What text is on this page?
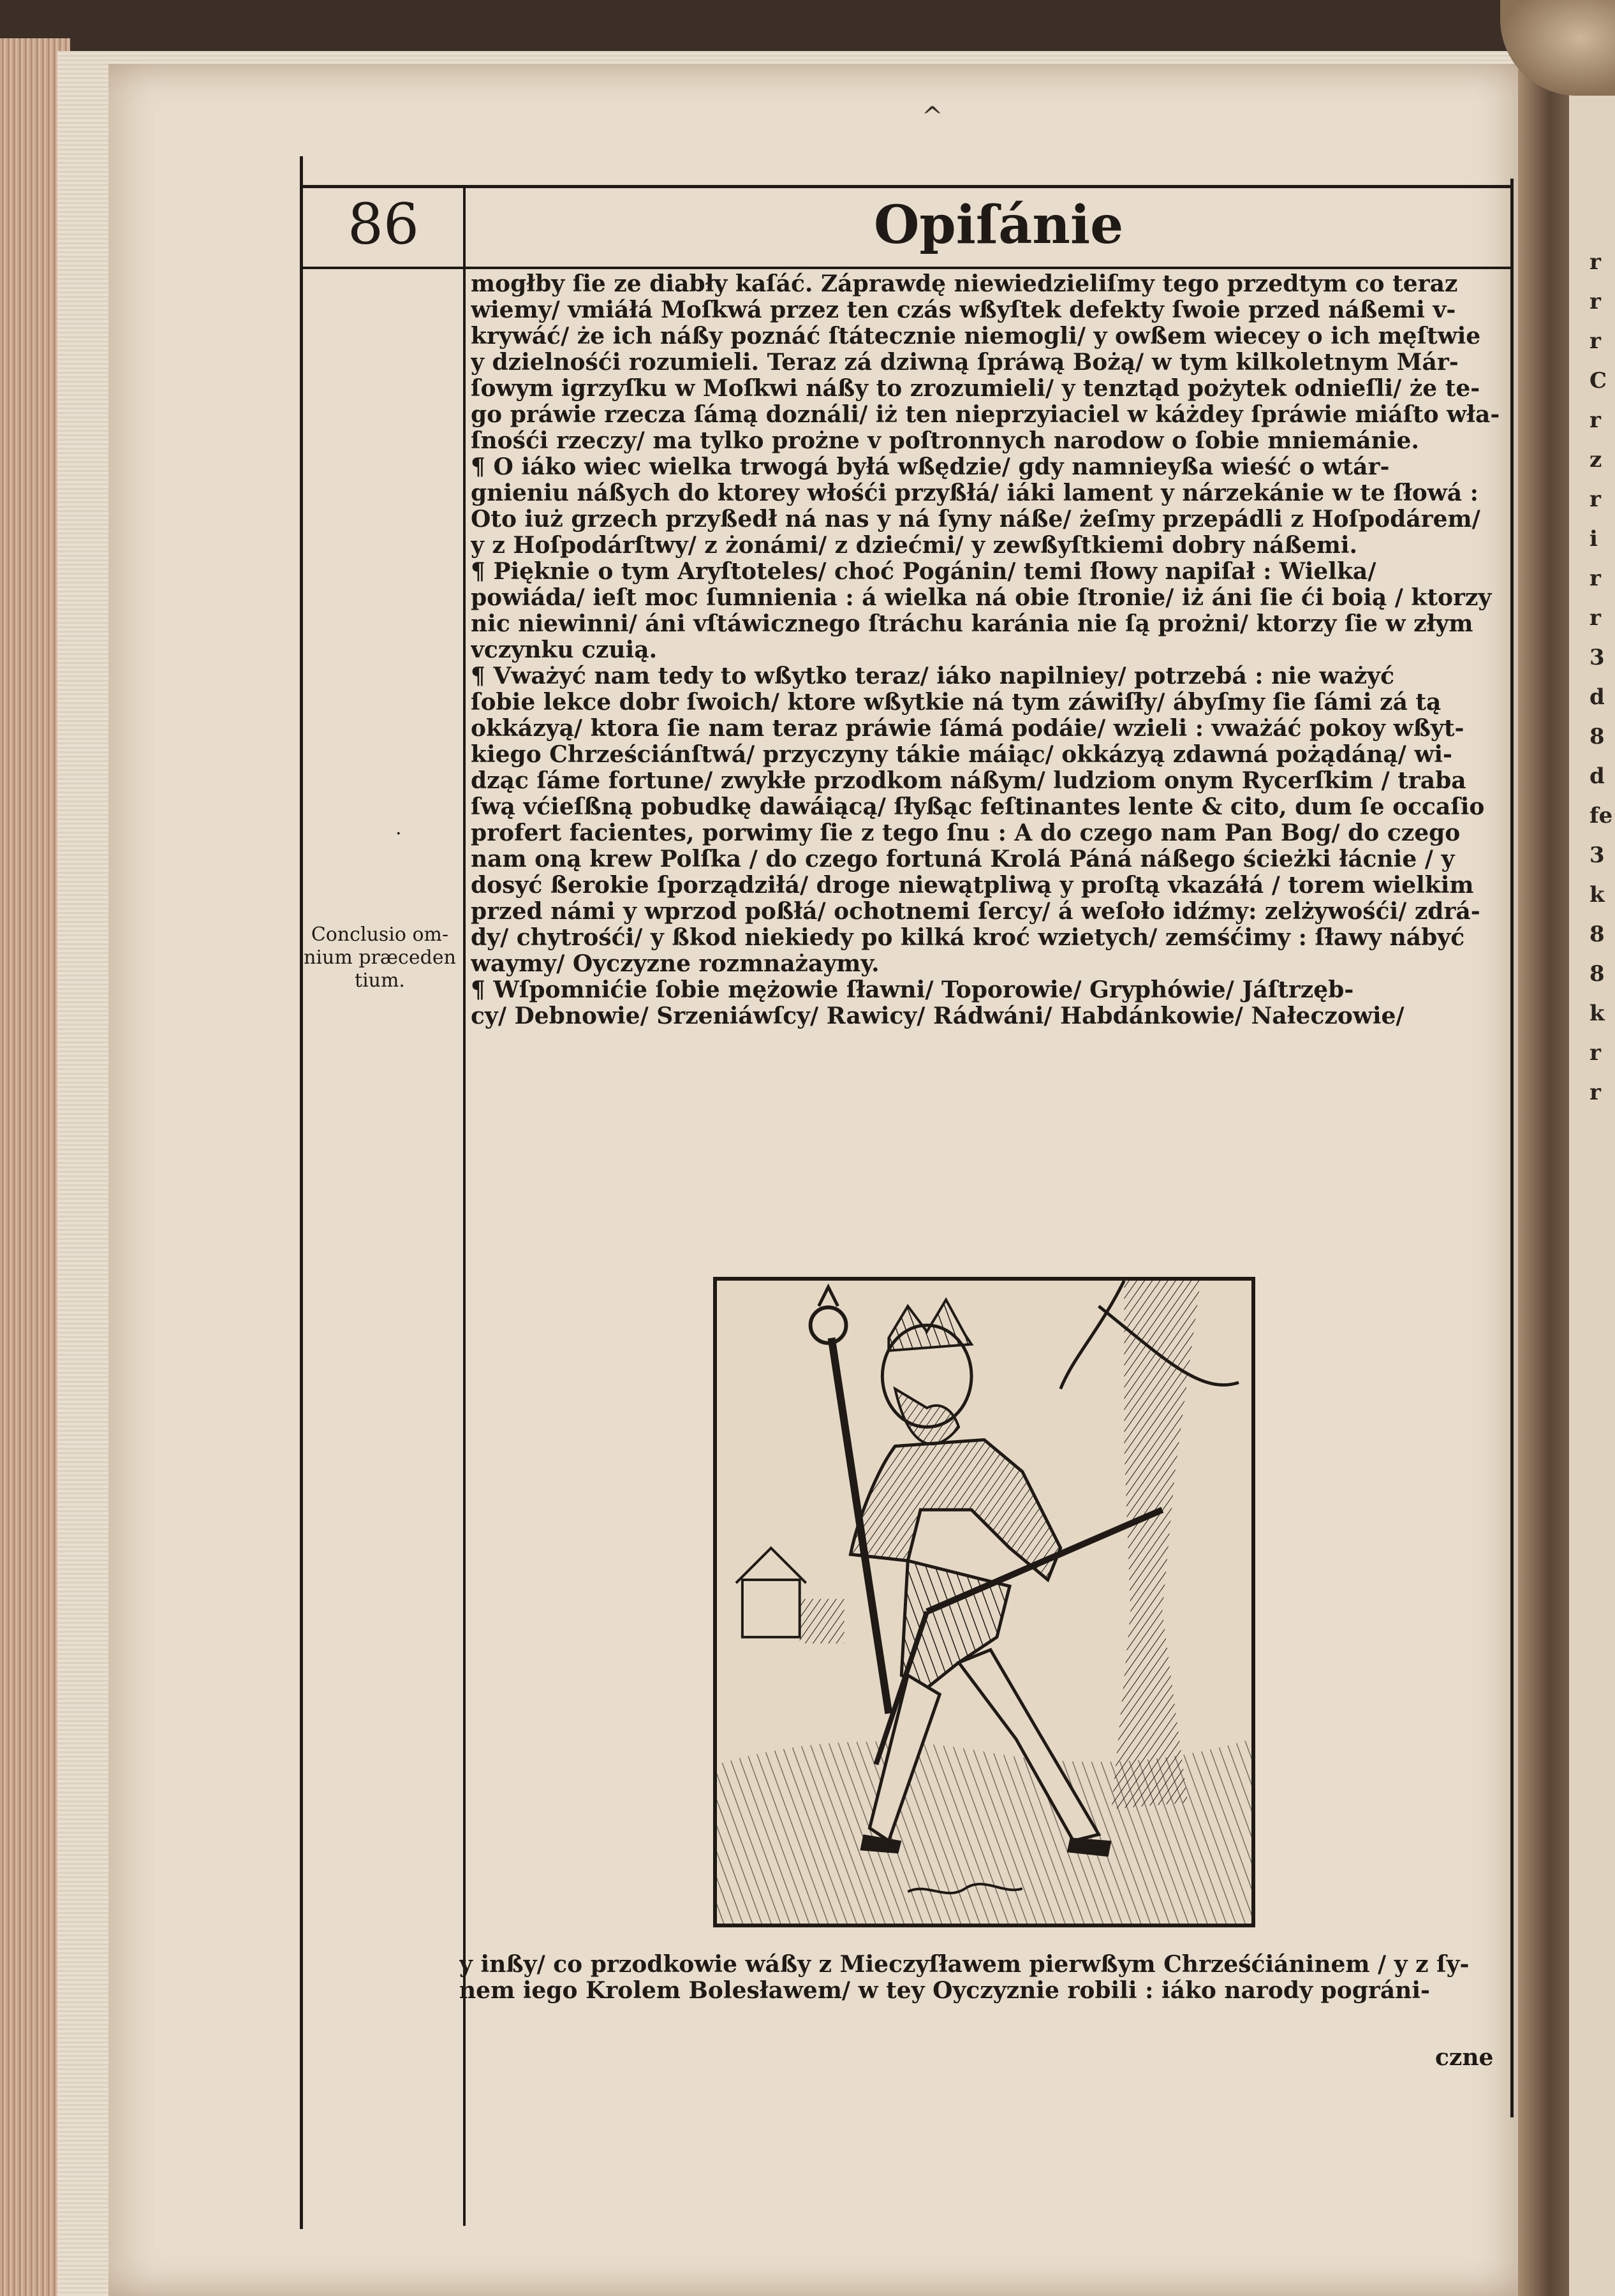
^
86	Opiſánie
·
Conclusio om-
nium præceden
tium.
mogłby ſie ze diabły kaſáć. Záprawdę niewiedzieliſmy tego przedtym co teraz
wiemy/ vmiáłá Moſkwá przez ten czás wßyſtek defekty ſwoie przed náßemi v-
krywáć/ że ich náßy poznáć ſtátecznie niemogli/ y owßem wiecey o ich męſtwie
y dzielnośći rozumieli. Teraz zá dziwną ſpráwą Bożą/ w tym kilkoletnym Már-
ſowym igrzyſku w Moſkwi náßy to zrozumieli/ y tenztąd pożytek odnieſli/ że te-
go práwie rzecza ſámą doználi/ iż ten nieprzyiaciel w káżdey ſpráwie miáſto wła-
ſnośći rzeczy/ ma tylko prożne v poſtronnych narodow o ſobie mniemánie.
¶ O iáko wiec wielka trwogá byłá wßędzie/ gdy namnieyßa wieść o wtár-
gnieniu náßych do ktorey włośći przyßłá/ iáki lament y nárzekánie w te ſłowá :
Oto iuż grzech przyßedł ná nas y ná ſyny náße/ żeſmy przepádli z Hoſpodárem/
y z Hoſpodárſtwy/ z żonámi/ z dziećmi/ y zewßyſtkiemi dobry náßemi.
¶ Pięknie o tym Aryſtoteles/ choć Pogánin/ temi ſłowy napiſał : Wielka/
powiáda/ ieſt moc ſumnienia : á wielka ná obie ſtronie/ iż áni ſie ći boią / ktorzy
nic niewinni/ áni vſtáwicznego ſtráchu karánia nie ſą prożni/ ktorzy ſie w złym
vczynku czuią.
¶ Vważyć nam tedy to wßytko teraz/ iáko napilniey/ potrzebá : nie ważyć
ſobie lekce dobr ſwoich/ ktore wßytkie ná tym záwiſły/ ábyſmy ſie ſámi zá tą
okkázyą/ ktora ſie nam teraz práwie ſámá podáie/ wzieli : vważáć pokoy wßyt-
kiego Chrześciánſtwá/ przyczyny tákie máiąc/ okkázyą zdawná pożądáną/ wi-
dząc ſáme fortune/ zwykłe przodkom náßym/ ludziom onym Rycerſkim / traba
ſwą vćieſßną pobudkę dawáiącą/ ſłyßąc feſtinantes lente & cito, dum ſe occaſio
profert facientes, porwimy ſie z tego ſnu : A do czego nam Pan Bog/ do czego
nam oną krew Polſka / do czego fortuná Krolá Páná náßego ścieżki łácnie / y
dosyć ßerokie ſporządziłá/ droge niewątpliwą y proſtą vkazáłá / torem wielkim
przed námi y wprzod poßłá/ ochotnemi ſercy/ á weſoło idźmy: zelżywośći/ zdrá-
dy/ chytrośći/ y ßkod niekiedy po kilká kroć wzietych/ zemśćimy : ſławy nábyć
waymy/ Oyczyzne rozmnażaymy.
¶ Wſpomnićie ſobie mężowie ſławni/ Toporowie/ Gryphówie/ Jáſtrzęb-
cy/ Debnowie/ Srzeniáwſcy/ Rawicy/ Rádwáni/ Habdánkowie/ Nałeczowie/
y inßy/ co przodkowie wáßy z Mieczyſławem pierwßym Chrześćiáninem / y z ſy-
nem iego Krolem Bolesławem/ w tey Oyczyznie robili : iáko narody pográni-
czne
r
r
r
C
r
z
r
i
r
r
3
d
8
d
fe
3
k
8
8
k
r
r
